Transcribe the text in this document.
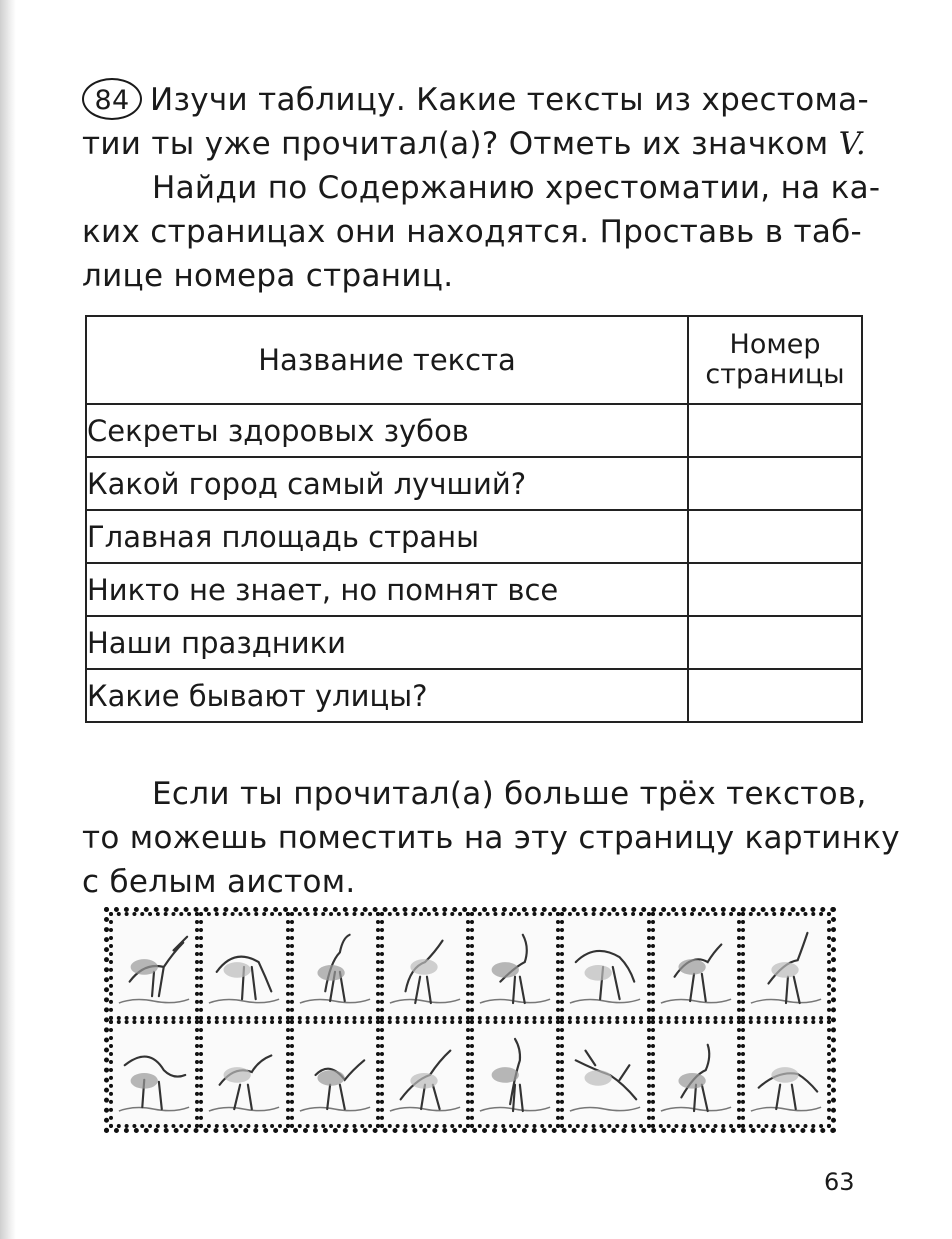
84 Изучи таблицу. Какие тексты из хрестома-
тии ты уже прочитал(а)? Отметь их значком V.
Найди по Содержанию хрестоматии, на ка-
ких страницах они находятся. Проставь в таб-
лице номера страниц.
Название текста	Номер
страницы
Секреты здоровых зубов	
Какой город самый лучший?	
Главная площадь страны	
Никто не знает, но помнят все	
Наши праздники	
Какие бывают улицы?	
Если ты прочитал(а) больше трёх текстов,
то можешь поместить на эту страницу картинку
с белым аистом.
63
